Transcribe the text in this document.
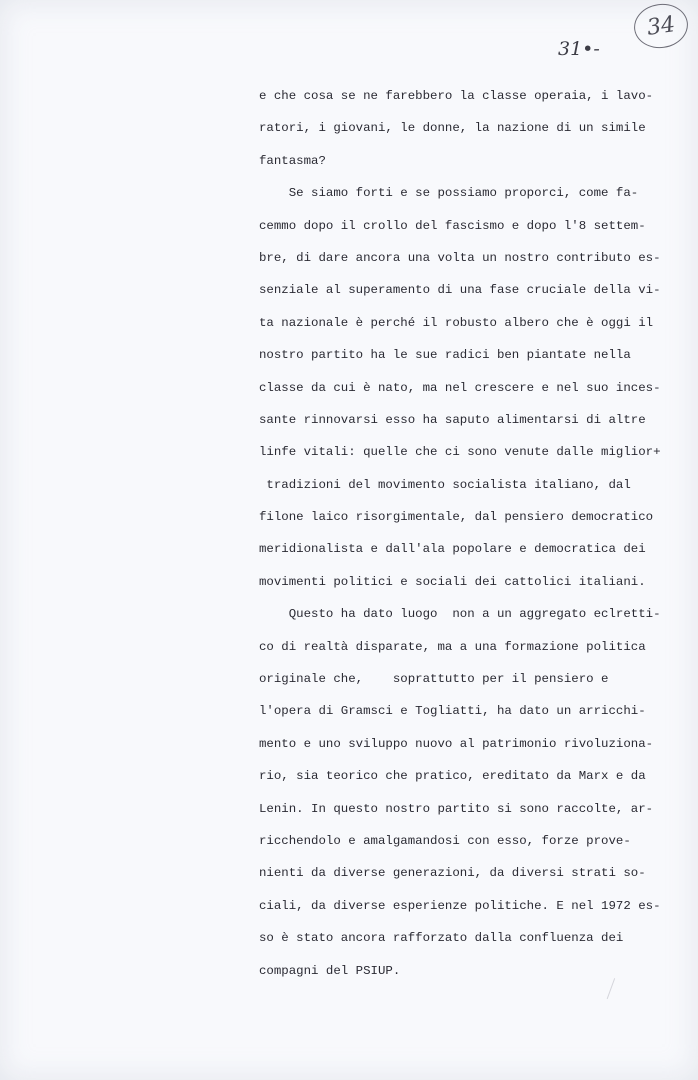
34
31•-
e che cosa se ne farebbero la classe operaia, i lavo-
ratori, i giovani, le donne, la nazione di un simile
fantasma?
Se siamo forti e se possiamo proporci, come fa-
cemmo dopo il crollo del fascismo e dopo l'8 settem-
bre, di dare ancora una volta un nostro contributo es-
senziale al superamento di una fase cruciale della vi-
ta nazionale è perché il robusto albero che è oggi il
nostro partito ha le sue radici ben piantate nella
classe da cui è nato, ma nel crescere e nel suo inces-
sante rinnovarsi esso ha saputo alimentarsi di altre
linfe vitali: quelle che ci sono venute dalle miglior+
tradizioni del movimento socialista italiano, dal
filone laico risorgimentale, dal pensiero democratico
meridionalista e dall'ala popolare e democratica dei
movimenti politici e sociali dei cattolici italiani.
Questo ha dato luogo  non a un aggregato eclretti-
co di realtà disparate, ma a una formazione politica
originale che,    soprattutto per il pensiero e
l'opera di Gramsci e Togliatti, ha dato un arricchi-
mento e uno sviluppo nuovo al patrimonio rivoluziona-
rio, sia teorico che pratico, ereditato da Marx e da
Lenin. In questo nostro partito si sono raccolte, ar-
ricchendolo e amalgamandosi con esso, forze prove-
nienti da diverse generazioni, da diversi strati so-
ciali, da diverse esperienze politiche. E nel 1972 es-
so è stato ancora rafforzato dalla confluenza dei
compagni del PSIUP.
